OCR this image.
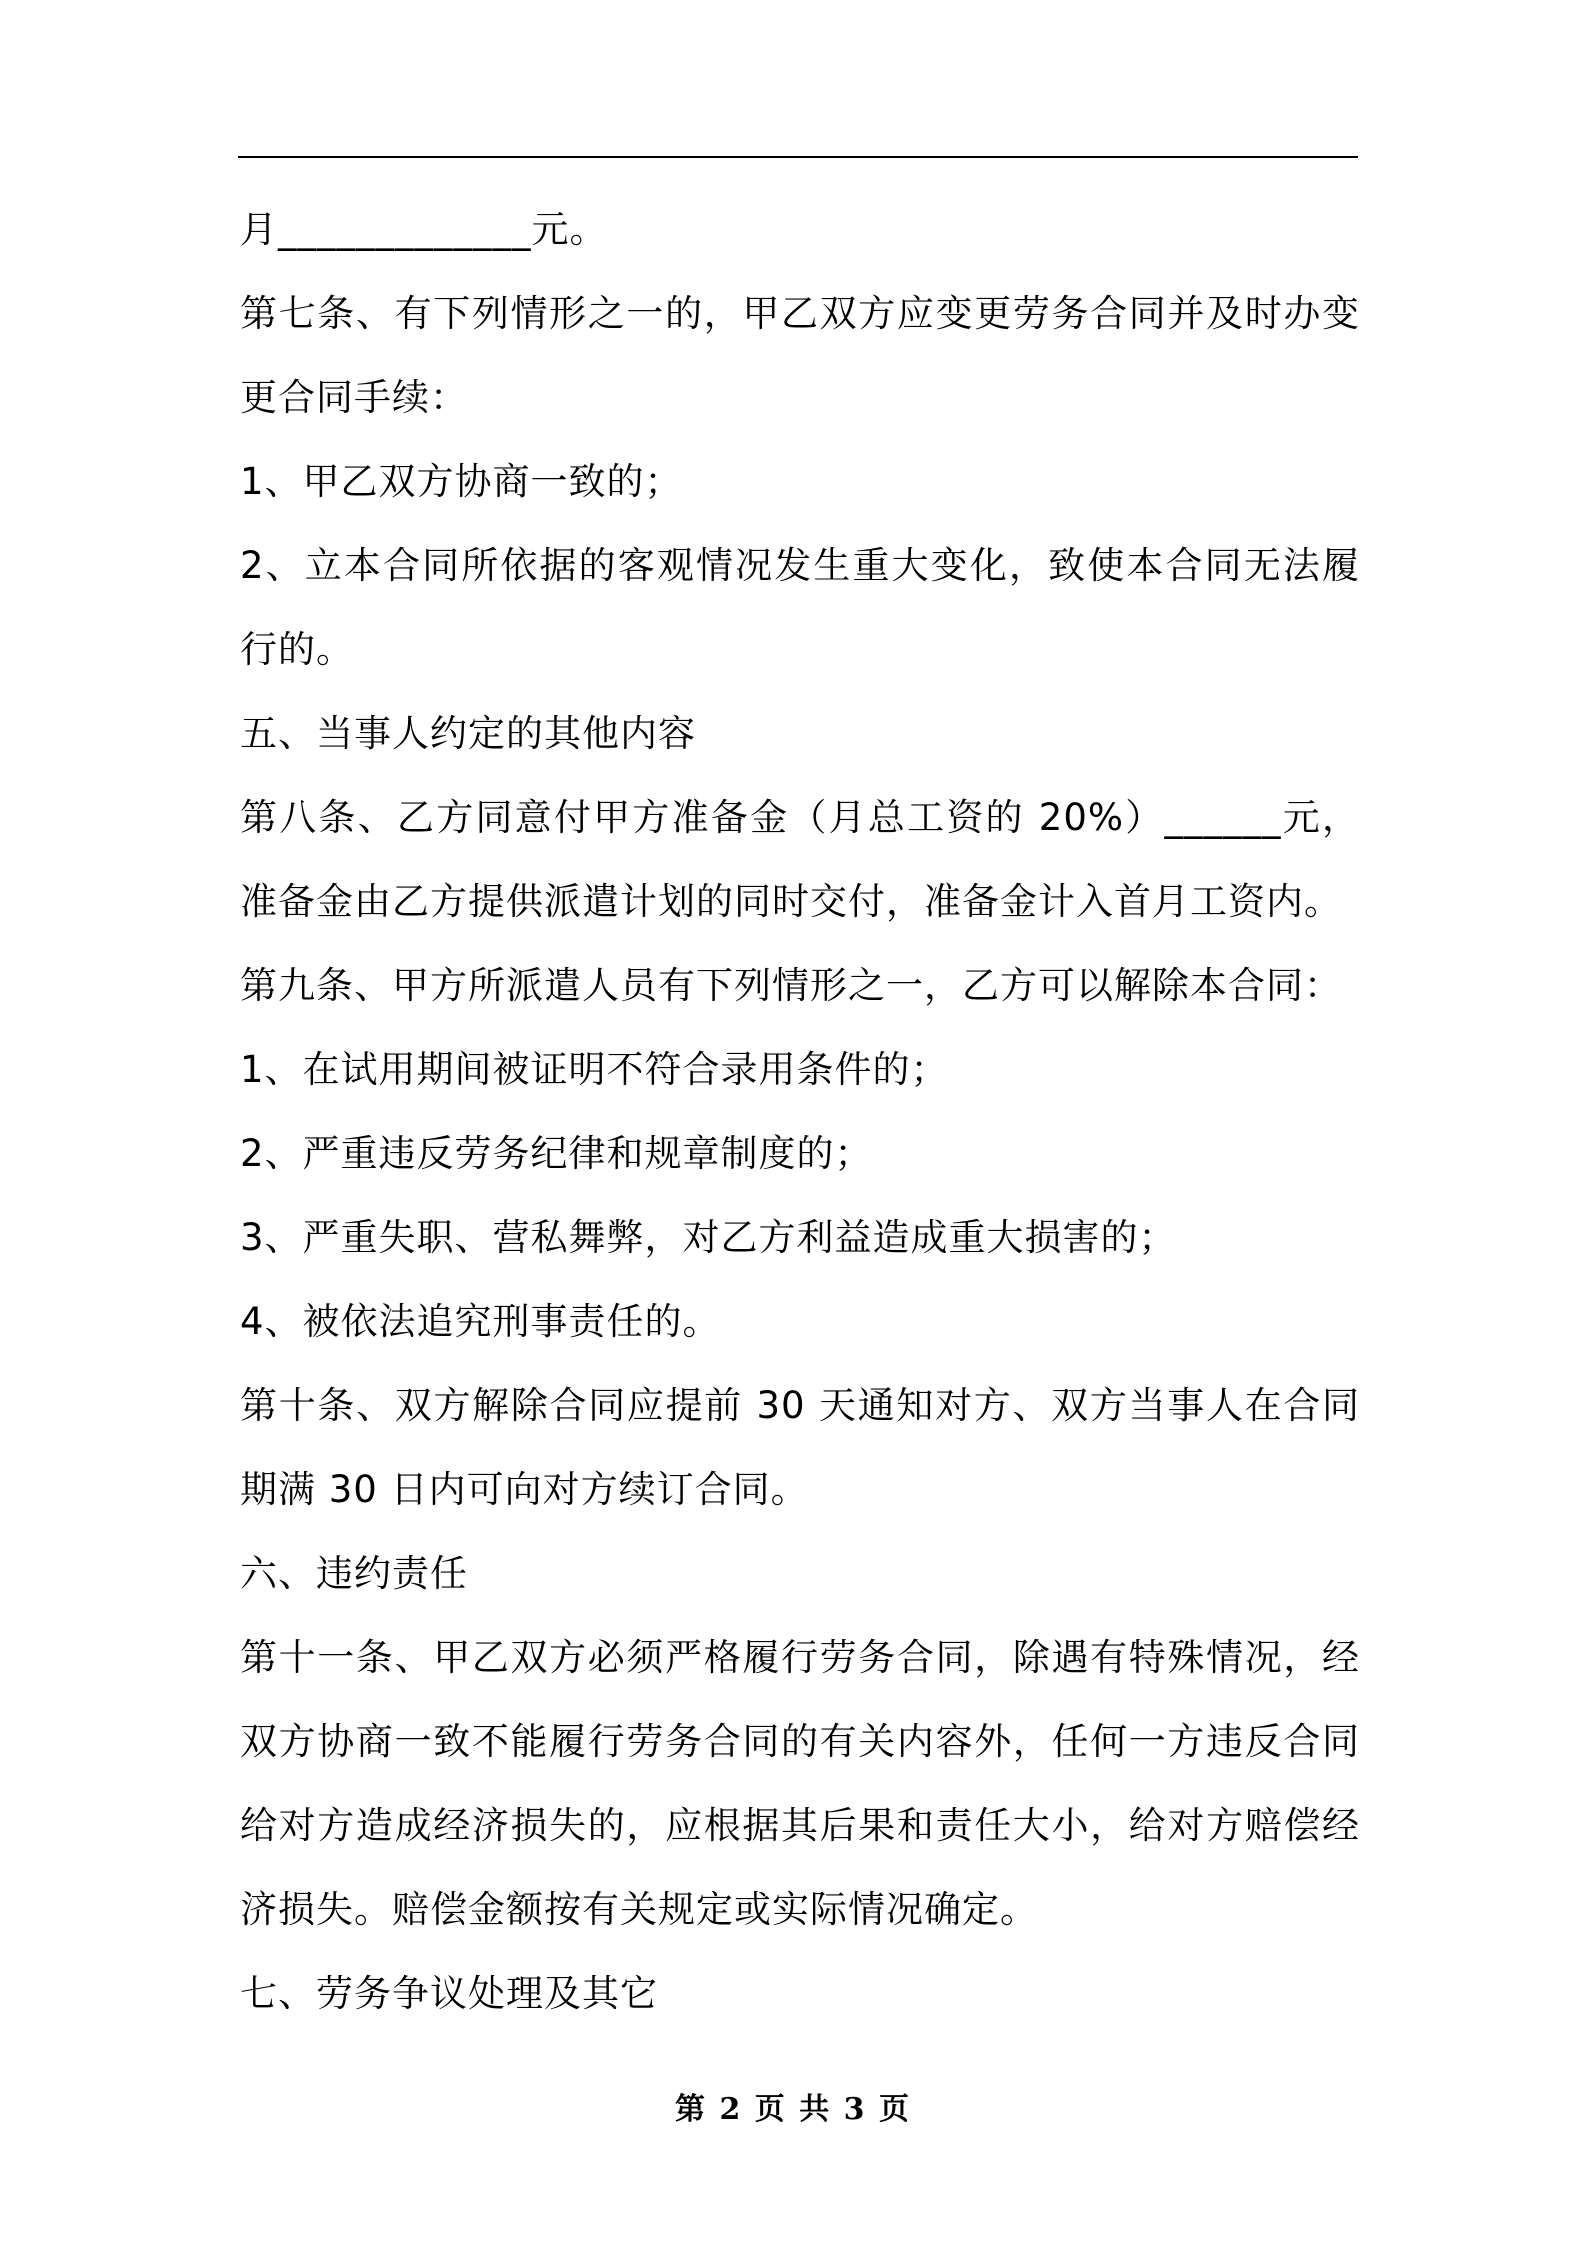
月_____________元。

第七条、有下列情形之一的，甲乙双方应变更劳务合同并及时办变更合同手续：

1、甲乙双方协商一致的；

2、立本合同所依据的客观情况发生重大变化，致使本合同无法履行的。

五、当事人约定的其他内容

第八条、乙方同意付甲方准备金（月总工资的 20%）______元，准备金由乙方提供派遣计划的同时交付，准备金计入首月工资内。

第九条、甲方所派遣人员有下列情形之一，乙方可以解除本合同：

1、在试用期间被证明不符合录用条件的；

2、严重违反劳务纪律和规章制度的；

3、严重失职、营私舞弊，对乙方利益造成重大损害的；

4、被依法追究刑事责任的。

第十条、双方解除合同应提前 30 天通知对方、双方当事人在合同期满 30 日内可向对方续订合同。

六、违约责任

第十一条、甲乙双方必须严格履行劳务合同，除遇有特殊情况，经双方协商一致不能履行劳务合同的有关内容外，任何一方违反合同给对方造成经济损失的，应根据其后果和责任大小，给对方赔偿经济损失。赔偿金额按有关规定或实际情况确定。

七、劳务争议处理及其它

第 2 页 共 3 页
